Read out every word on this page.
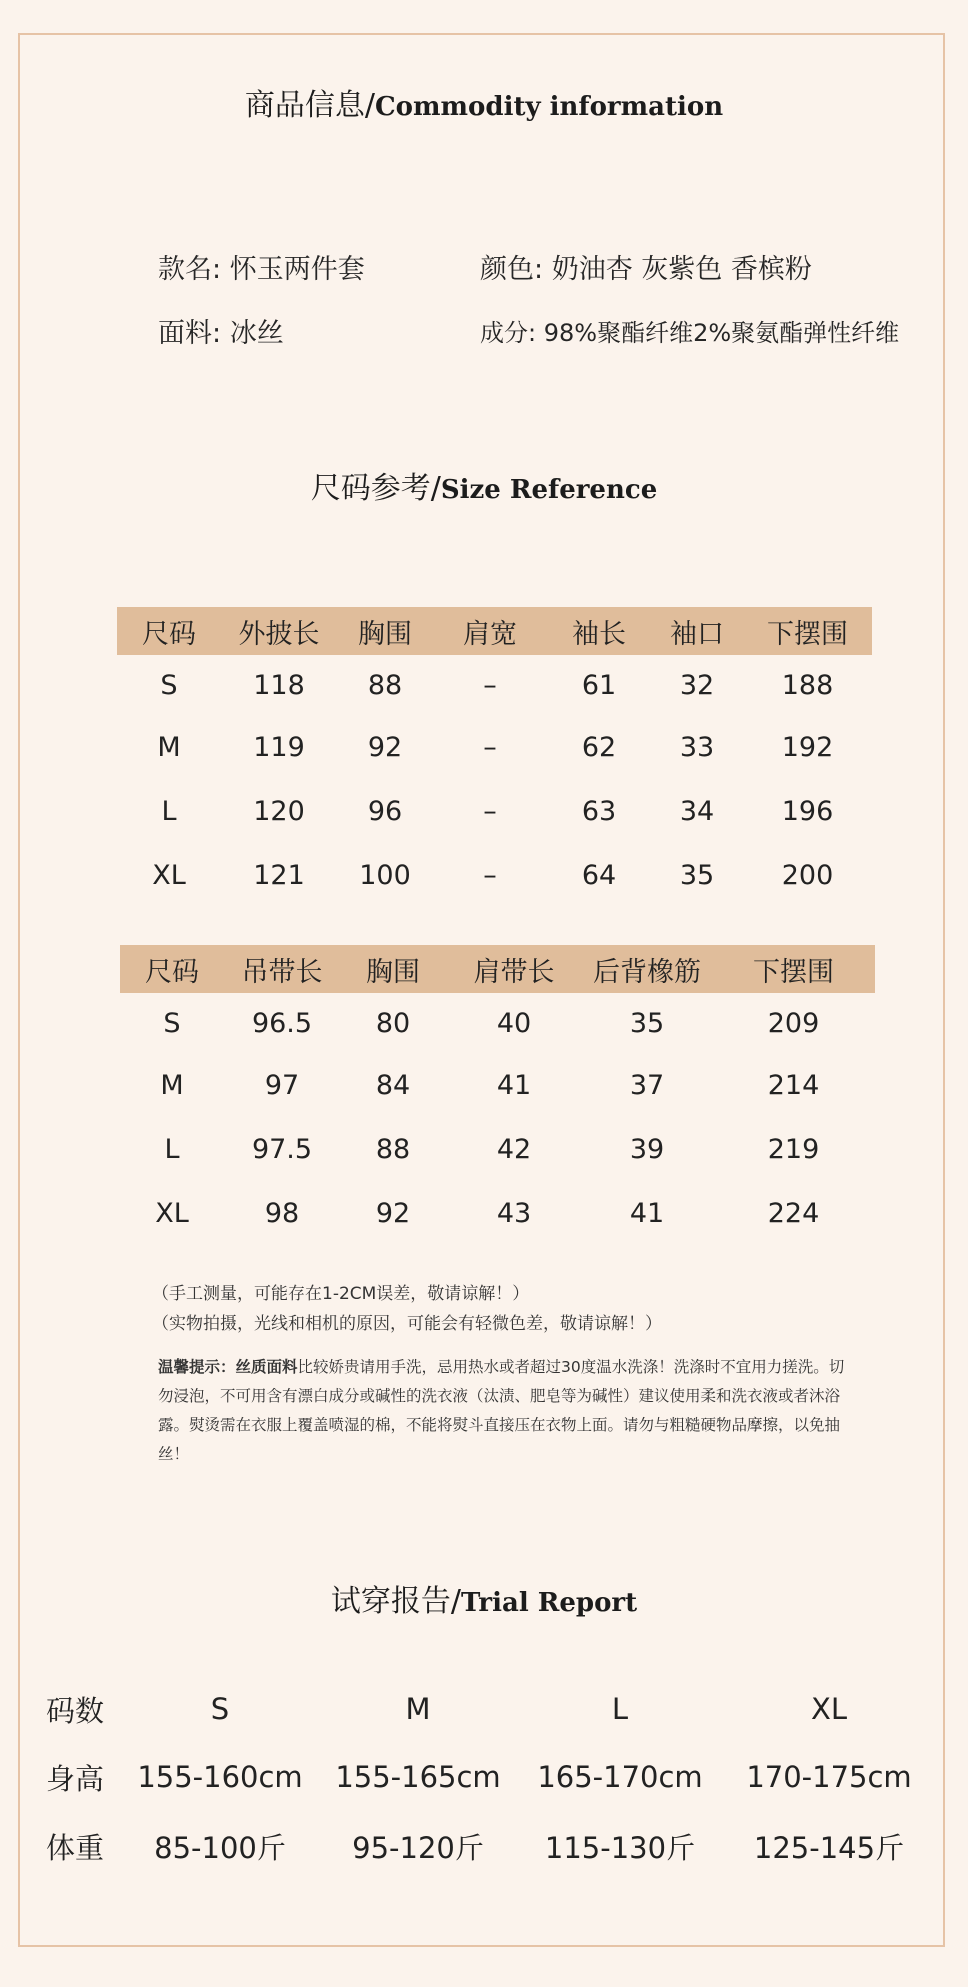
商品信息/Commodity information
款名: 怀玉两件套	颜色: 奶油杏 灰紫色 香槟粉
面料: 冰丝	成分: 98%聚酯纤维2%聚氨酯弹性纤维
尺码参考/Size Reference
尺码	外披长	胸围	肩宽	袖长	袖口	下摆围
S	118	88	–	61	32	188
M	119	92	–	62	33	192
L	120	96	–	63	34	196
XL	121	100	–	64	35	200
尺码	吊带长	胸围	肩带长	后背橡筋	下摆围
S	96.5	80	40	35	209
M	97	84	41	37	214
L	97.5	88	42	39	219
XL	98	92	43	41	224
（手工测量，可能存在1-2CM误差，敬请谅解！）
（实物拍摄，光线和相机的原因，可能会有轻微色差，敬请谅解！）
温馨提示：丝质面料比较娇贵请用手洗，忌用热水或者超过30度温水洗涤！洗涤时不宜用力搓洗。切勿浸泡，不可用含有漂白成分或碱性的洗衣液（汰渍、肥皂等为碱性）建议使用柔和洗衣液或者沐浴露。熨烫需在衣服上覆盖喷湿的棉，不能将熨斗直接压在衣物上面。请勿与粗糙硬物品摩擦，以免抽丝！
试穿报告/Trial Report
码数	S	M	L	XL
身高	155-160cm	155-165cm	165-170cm	170-175cm
体重	85-100斤	95-120斤	115-130斤	125-145斤
